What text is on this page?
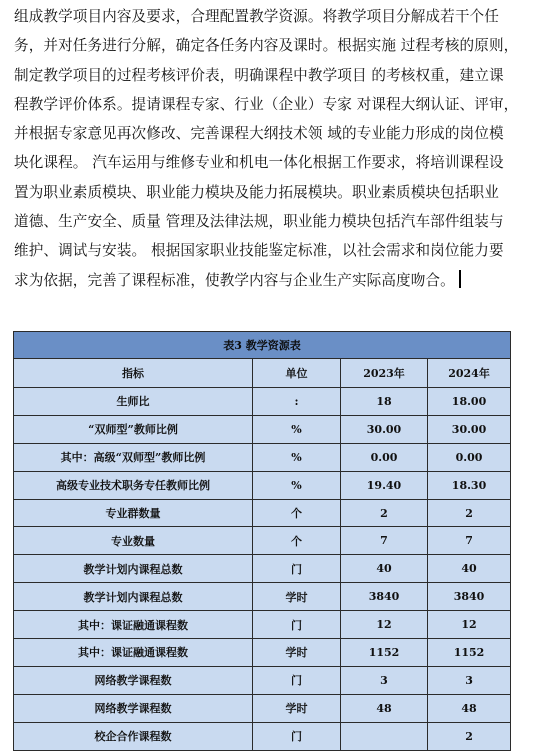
组成教学项目内容及要求，合理配置教学资源。将教学项目分解成若干个任
务，并对任务进行分解，确定各任务内容及课时。根据实施 过程考核的原则，
制定教学项目的过程考核评价表，明确课程中教学项目 的考核权重，建立课
程教学评价体系。提请课程专家、行业（企业）专家 对课程大纲认证、评审，
并根据专家意见再次修改、完善课程大纲技术领 域的专业能力形成的岗位模
块化课程。 汽车运用与维修专业和机电一体化根据工作要求，将培训课程设
置为职业素质模块、职业能力模块及能力拓展模块。职业素质模块包括职业
道德、生产安全、质量 管理及法律法规，职业能力模块包括汽车部件组装与
维护、调试与安装。 根据国家职业技能鉴定标准，以社会需求和岗位能力要
求为依据，完善了课程标准，使教学内容与企业生产实际高度吻合。
表3 教学资源表			
指标	单位	2023年	2024年
生师比	:	18	18.00
“双师型”教师比例	%	30.00	30.00
其中：高级“双师型”教师比例	%	0.00	0.00
高级专业技术职务专任教师比例	%	19.40	18.30
专业群数量	个	2	2
专业数量	个	7	7
教学计划内课程总数	门	40	40
教学计划内课程总数	学时	3840	3840
其中：课证融通课程数	门	12	12
其中：课证融通课程数	学时	1152	1152
网络教学课程数	门	3	3
网络教学课程数	学时	48	48
校企合作课程数	门		2
